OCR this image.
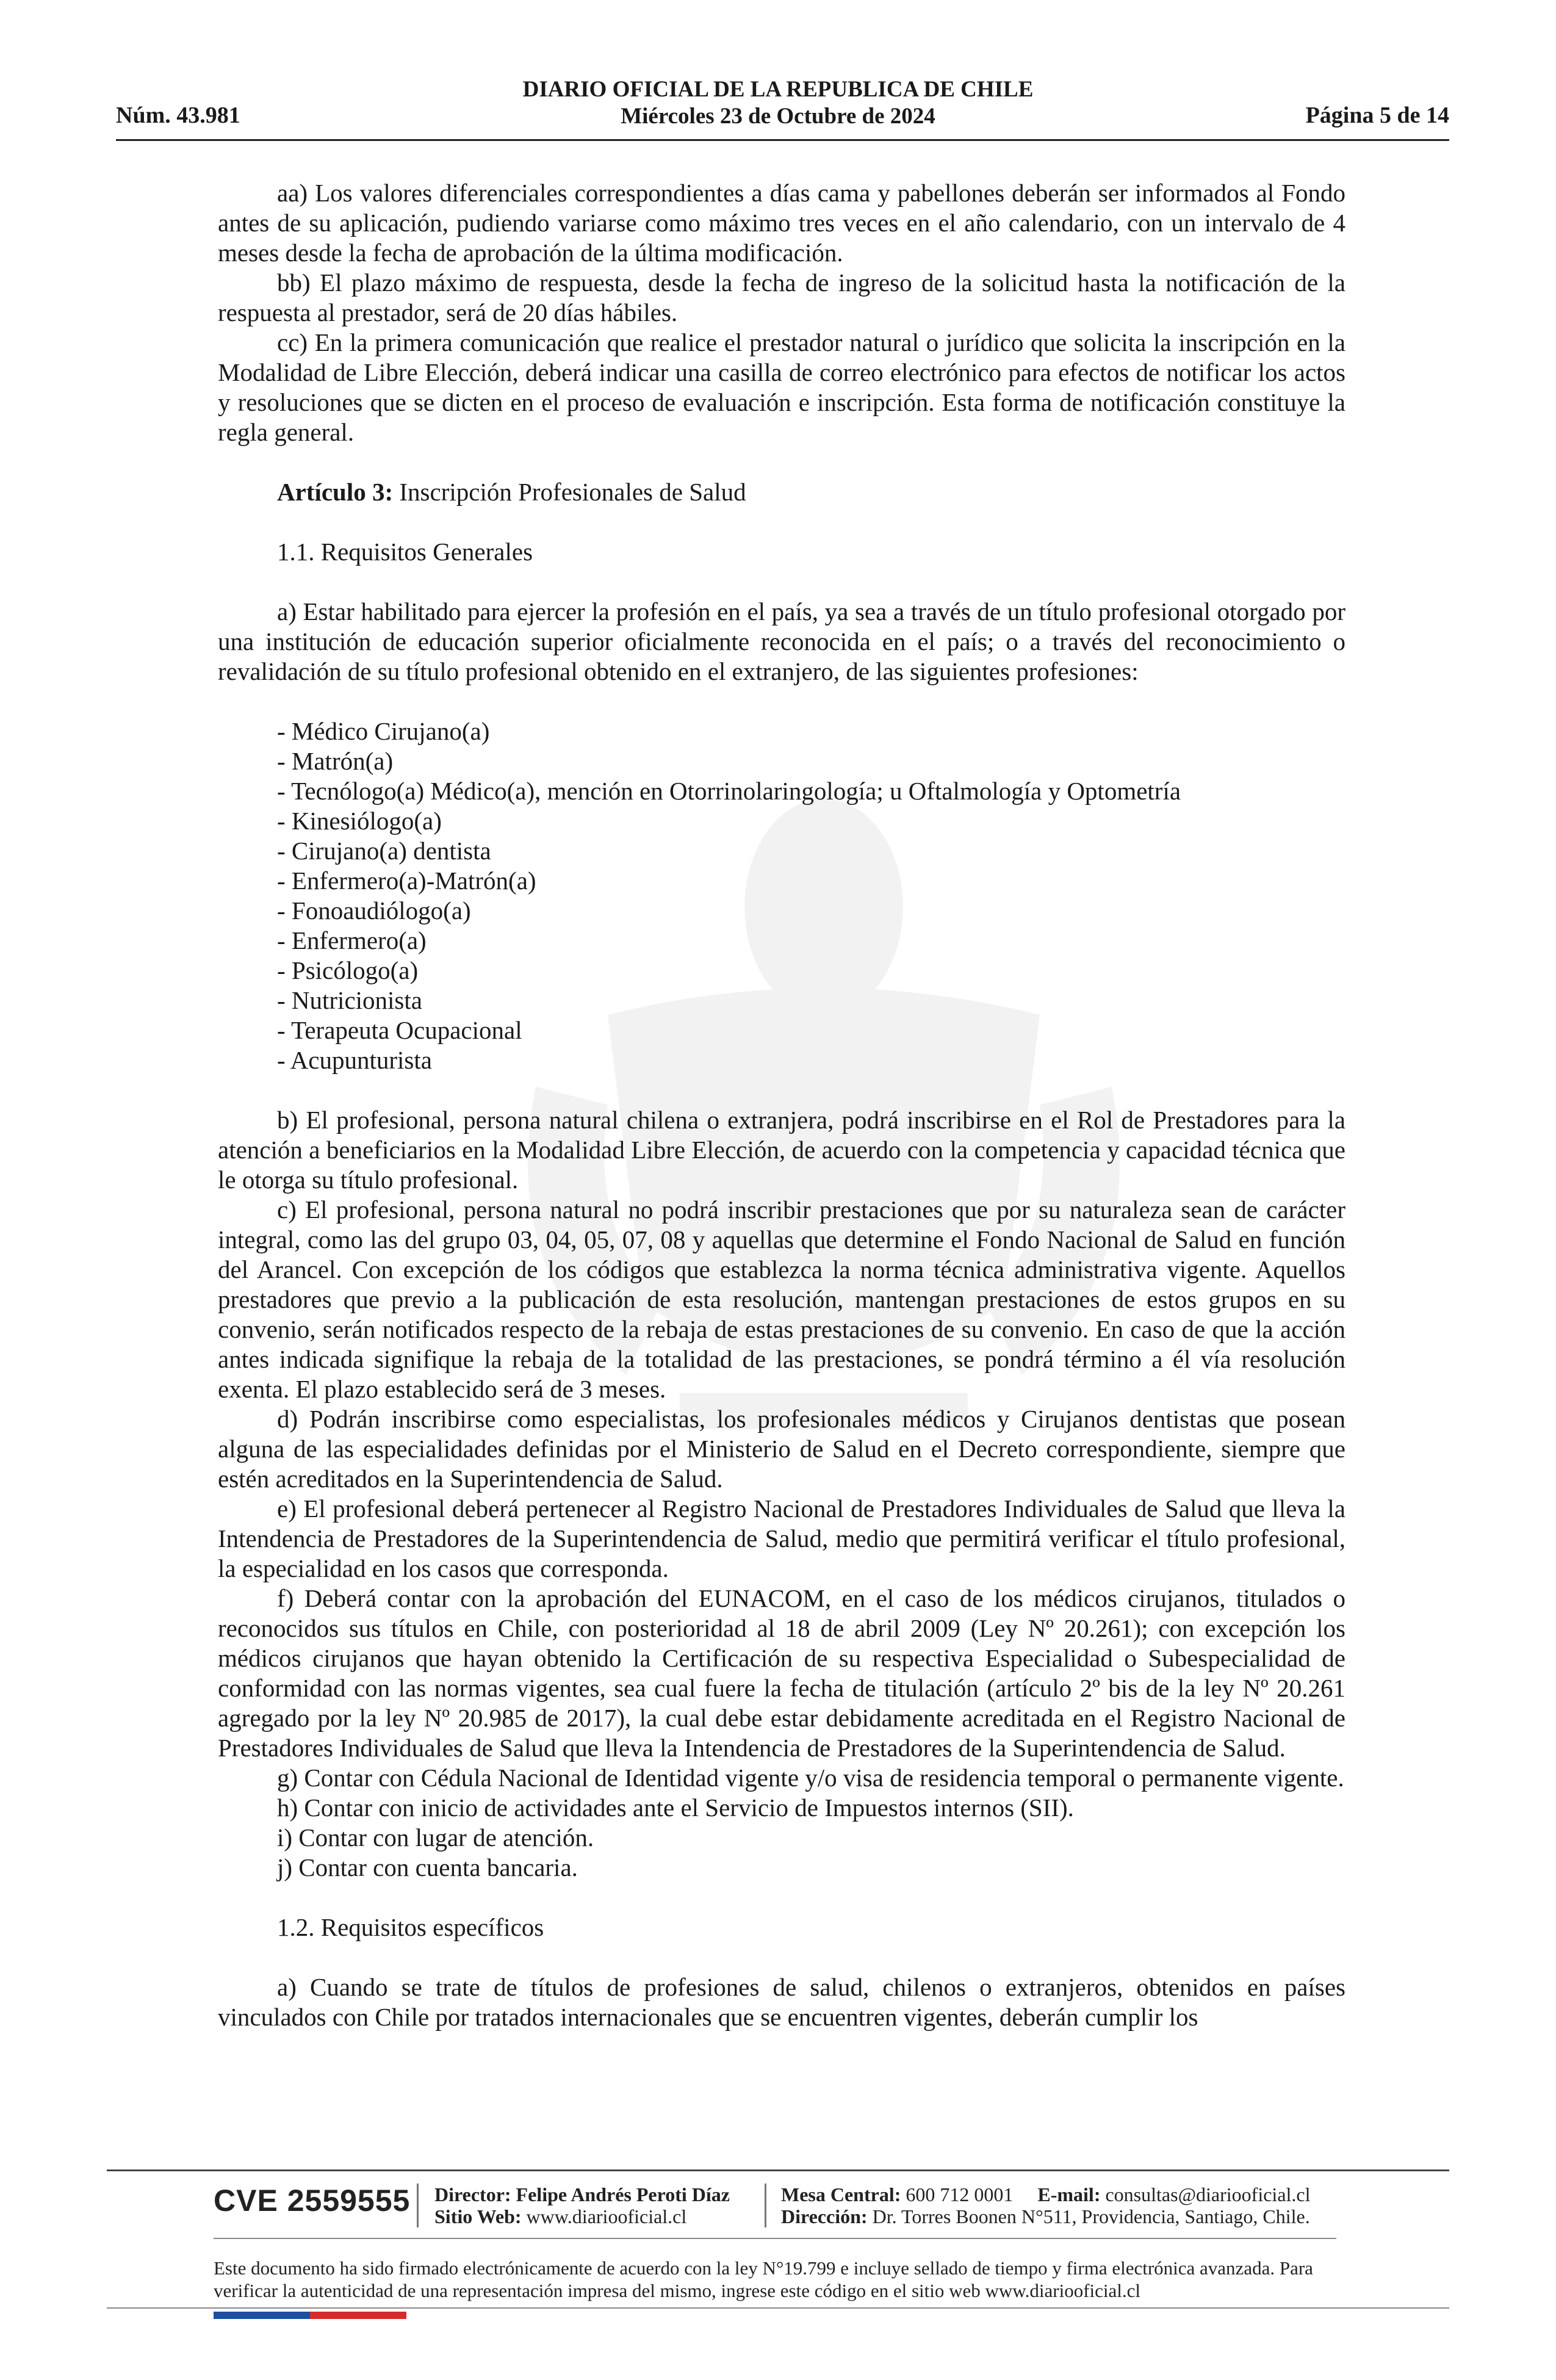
Núm. 43.981
DIARIO OFICIAL DE LA REPUBLICA DE CHILE
Miércoles 23 de Octubre de 2024	Página 5 de 14

aa) Los valores diferenciales correspondientes a días cama y pabellones deberán ser informados al Fondo antes de su aplicación, pudiendo variarse como máximo tres veces en el año calendario, con un intervalo de 4 meses desde la fecha de aprobación de la última modificación.

bb) El plazo máximo de respuesta, desde la fecha de ingreso de la solicitud hasta la notificación de la respuesta al prestador, será de 20 días hábiles.

cc) En la primera comunicación que realice el prestador natural o jurídico que solicita la inscripción en la Modalidad de Libre Elección, deberá indicar una casilla de correo electrónico para efectos de notificar los actos y resoluciones que se dicten en el proceso de evaluación e inscripción. Esta forma de notificación constituye la regla general.

Artículo 3: Inscripción Profesionales de Salud

1.1. Requisitos Generales

a) Estar habilitado para ejercer la profesión en el país, ya sea a través de un título profesional otorgado por una institución de educación superior oficialmente reconocida en el país; o a través del reconocimiento o revalidación de su título profesional obtenido en el extranjero, de las siguientes profesiones:

- Médico Cirujano(a)
- Matrón(a)
- Tecnólogo(a) Médico(a), mención en Otorrinolaringología; u Oftalmología y Optometría
- Kinesiólogo(a)
- Cirujano(a) dentista
- Enfermero(a)-Matrón(a)
- Fonoaudiólogo(a)
- Enfermero(a)
- Psicólogo(a)
- Nutricionista
- Terapeuta Ocupacional
- Acupunturista

b) El profesional, persona natural chilena o extranjera, podrá inscribirse en el Rol de Prestadores para la atención a beneficiarios en la Modalidad Libre Elección, de acuerdo con la competencia y capacidad técnica que le otorga su título profesional.

c) El profesional, persona natural no podrá inscribir prestaciones que por su naturaleza sean de carácter integral, como las del grupo 03, 04, 05, 07, 08 y aquellas que determine el Fondo Nacional de Salud en función del Arancel. Con excepción de los códigos que establezca la norma técnica administrativa vigente. Aquellos prestadores que previo a la publicación de esta resolución, mantengan prestaciones de estos grupos en su convenio, serán notificados respecto de la rebaja de estas prestaciones de su convenio. En caso de que la acción antes indicada signifique la rebaja de la totalidad de las prestaciones, se pondrá término a él vía resolución exenta. El plazo establecido será de 3 meses.

d) Podrán inscribirse como especialistas, los profesionales médicos y Cirujanos dentistas que posean alguna de las especialidades definidas por el Ministerio de Salud en el Decreto correspondiente, siempre que estén acreditados en la Superintendencia de Salud.

e) El profesional deberá pertenecer al Registro Nacional de Prestadores Individuales de Salud que lleva la Intendencia de Prestadores de la Superintendencia de Salud, medio que permitirá verificar el título profesional, la especialidad en los casos que corresponda.

f) Deberá contar con la aprobación del EUNACOM, en el caso de los médicos cirujanos, titulados o reconocidos sus títulos en Chile, con posterioridad al 18 de abril 2009 (Ley Nº 20.261); con excepción los médicos cirujanos que hayan obtenido la Certificación de su respectiva Especialidad o Subespecialidad de conformidad con las normas vigentes, sea cual fuere la fecha de titulación (artículo 2º bis de la ley Nº 20.261 agregado por la ley Nº 20.985 de 2017), la cual debe estar debidamente acreditada en el Registro Nacional de Prestadores Individuales de Salud que lleva la Intendencia de Prestadores de la Superintendencia de Salud.

g) Contar con Cédula Nacional de Identidad vigente y/o visa de residencia temporal o permanente vigente.

h) Contar con inicio de actividades ante el Servicio de Impuestos internos (SII).

i) Contar con lugar de atención.

j) Contar con cuenta bancaria.

1.2. Requisitos específicos

a) Cuando se trate de títulos de profesiones de salud, chilenos o extranjeros, obtenidos en países vinculados con Chile por tratados internacionales que se encuentren vigentes, deberán cumplir los

CVE 2559555 Director: Felipe Andrés Peroti Díaz
Sitio Web: www.diariooficial.cl
Mesa Central: 600 712 0001 E-mail: consultas@diariooficial.cl
Dirección: Dr. Torres Boonen N°511, Providencia, Santiago, Chile.
Este documento ha sido firmado electrónicamente de acuerdo con la ley N°19.799 e incluye sellado de tiempo y firma electrónica avanzada. Para verificar la autenticidad de una representación impresa del mismo, ingrese este código en el sitio web www.diariooficial.cl
